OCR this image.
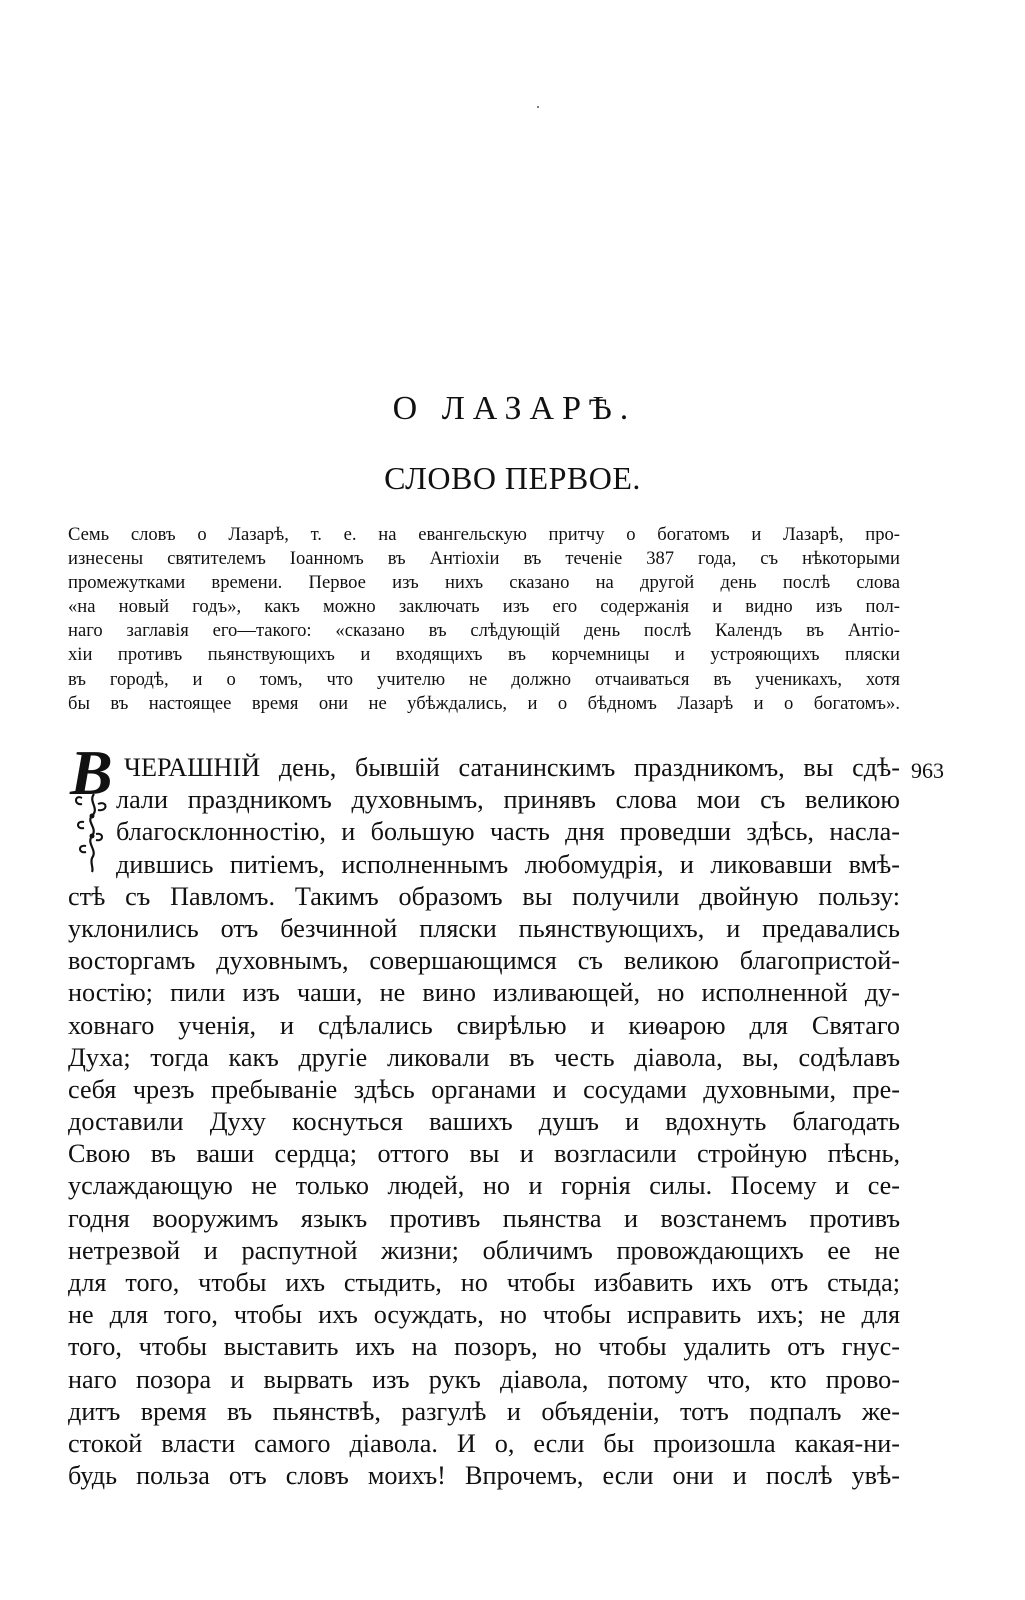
О ЛАЗАРѢ.
СЛОВО ПЕРВОЕ.
Семь словъ о Лазарѣ, т. е. на евангельскую притчу о богатомъ и Лазарѣ, про-
изнесены святителемъ Іоанномъ въ Антіохіи въ теченіе 387 года, съ нѣкоторыми
промежутками времени. Первое изъ нихъ сказано на другой день послѣ слова
«на новый годъ», какъ можно заключать изъ его содержанія и видно изъ пол-
наго заглавія его—такого: «сказано въ слѣдующій день послѣ Календъ въ Антіо-
хіи противъ пьянствующихъ и входящихъ въ корчемницы и устрояющихъ пляски
въ городѣ, и о томъ, что учителю не должно отчаиваться въ ученикахъ, хотя
бы въ настоящее время они не убѣждались, и о бѣдномъ Лазарѣ и о богатомъ».
В ЧЕРАШНІЙ день, бывшій сатанинскимъ праздникомъ, вы сдѣ-
лали праздникомъ духовнымъ, принявъ слова мои съ великою
благосклонностію, и большую часть дня проведши здѣсь, насла-
дившись питіемъ, исполненнымъ любомудрія, и ликовавши вмѣ-
стѣ съ Павломъ. Такимъ образомъ вы получили двойную пользу:
уклонились отъ безчинной пляски пьянствующихъ, и предавались
восторгамъ духовнымъ, совершающимся съ великою благопристой-
ностію; пили изъ чаши, не вино изливающей, но исполненной ду-
ховнаго ученія, и сдѣлались свирѣлью и киѳарою для Святаго
Духа; тогда какъ другіе ликовали въ честь діавола, вы, содѣлавъ
себя чрезъ пребываніе здѣсь органами и сосудами духовными, пре-
доставили Духу коснуться вашихъ душъ и вдохнуть благодать
Свою въ ваши сердца; оттого вы и возгласили стройную пѣснь,
услаждающую не только людей, но и горнія силы. Посему и се-
годня вооружимъ языкъ противъ пьянства и возстанемъ противъ
нетрезвой и распутной жизни; обличимъ провождающихъ ее не
для того, чтобы ихъ стыдить, но чтобы избавить ихъ отъ стыда;
не для того, чтобы ихъ осуждать, но чтобы исправить ихъ; не для
того, чтобы выставить ихъ на позоръ, но чтобы удалить отъ гнус-
наго позора и вырвать изъ рукъ діавола, потому что, кто прово-
дитъ время въ пьянствѣ, разгулѣ и объяденіи, тотъ подпалъ же-
стокой власти самого діавола. И о, если бы произошла какая-ни-
будь польза отъ словъ моихъ! Впрочемъ, если они и послѣ увѣ-
963
